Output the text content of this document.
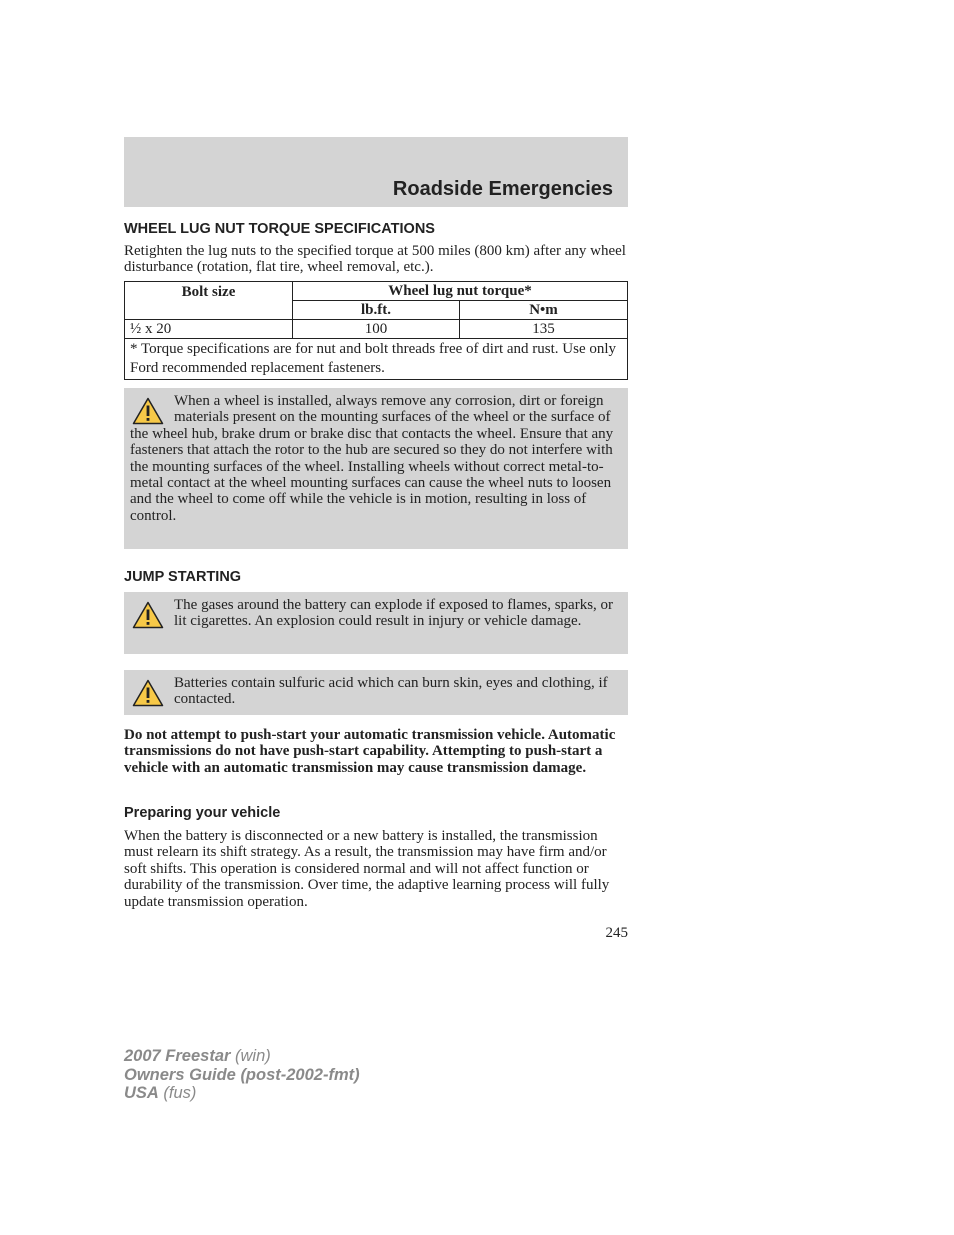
Roadside Emergencies
WHEEL LUG NUT TORQUE SPECIFICATIONS

Retighten the lug nuts to the specified torque at 500 miles (800 km) after any wheel disturbance (rotation, flat tire, wheel removal, etc.).

Bolt size	Wheel lug nut torque*	
	lb.ft.	N•m
½ x 20	100	135
* Torque specifications are for nut and bolt threads free of dirt and rust. Use only Ford recommended replacement fasteners.		

When a wheel is installed, always remove any corrosion, dirt or foreign materials present on the mounting surfaces of the wheel or the surface of the wheel hub, brake drum or brake disc that contacts the wheel. Ensure that any fasteners that attach the rotor to the hub are secured so they do not interfere with the mounting surfaces of the wheel. Installing wheels without correct metal-to-metal contact at the wheel mounting surfaces can cause the wheel nuts to loosen and the wheel to come off while the vehicle is in motion, resulting in loss of control.

JUMP STARTING

The gases around the battery can explode if exposed to flames, sparks, or lit cigarettes. An explosion could result in injury or vehicle damage.

Batteries contain sulfuric acid which can burn skin, eyes and clothing, if contacted.

Do not attempt to push-start your automatic transmission vehicle. Automatic transmissions do not have push-start capability. Attempting to push-start a vehicle with an automatic transmission may cause transmission damage.

Preparing your vehicle

When the battery is disconnected or a new battery is installed, the transmission must relearn its shift strategy. As a result, the transmission may have firm and/or soft shifts. This operation is considered normal and will not affect function or durability of the transmission. Over time, the adaptive learning process will fully update transmission operation.

245
2007 Freestar (win)
Owners Guide (post-2002-fmt)
USA (fus)
